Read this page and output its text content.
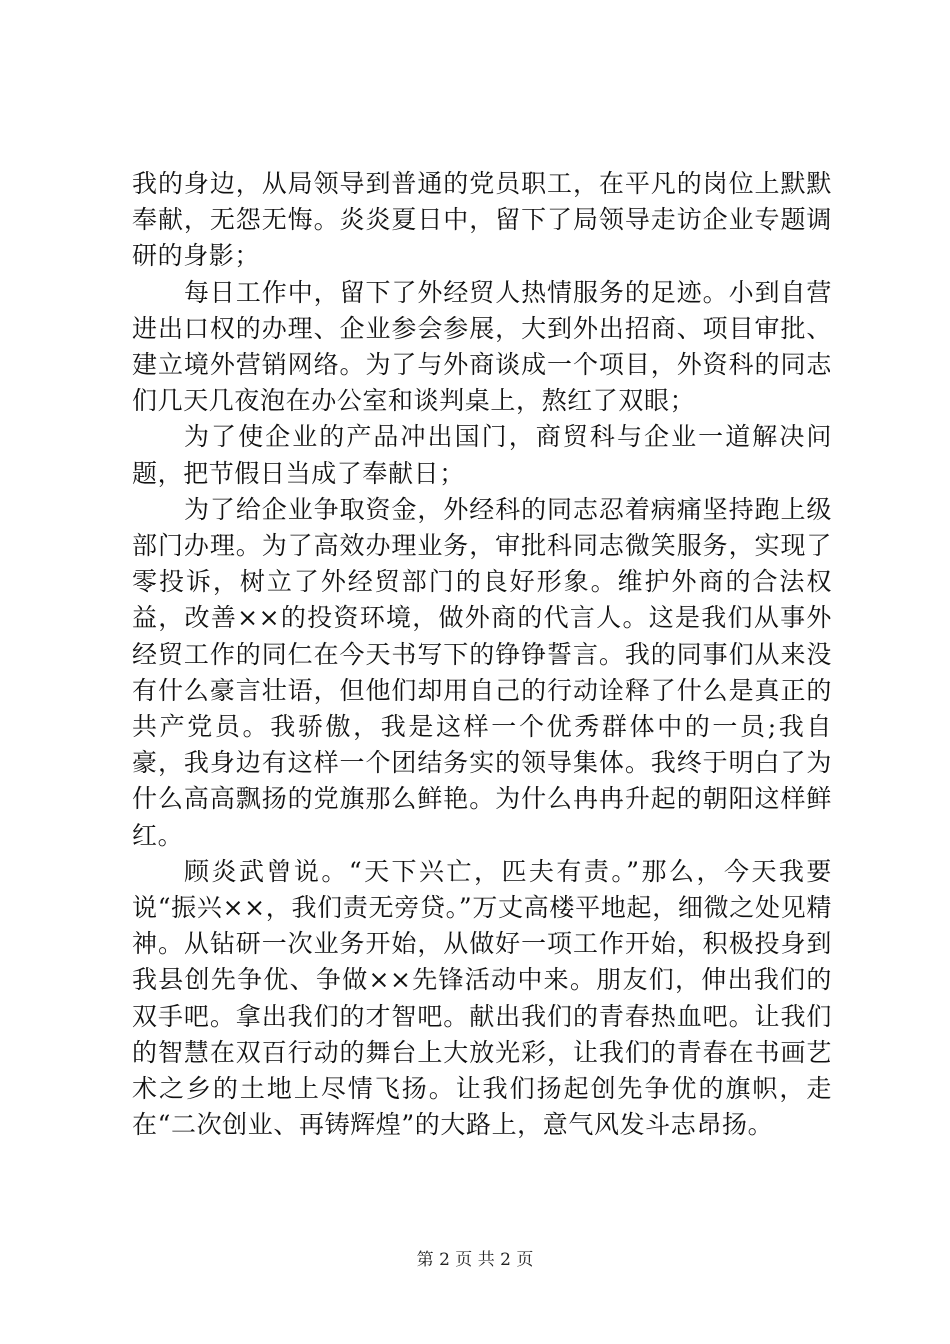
我的身边，从局领导到普通的党员职工，在平凡的岗位上默默奉献，无怨无悔。炎炎夏日中，留下了局领导走访企业专题调研的身影；

每日工作中，留下了外经贸人热情服务的足迹。小到自营进出口权的办理、企业参会参展，大到外出招商、项目审批、建立境外营销网络。为了与外商谈成一个项目，外资科的同志们几天几夜泡在办公室和谈判桌上，熬红了双眼；

为了使企业的产品冲出国门，商贸科与企业一道解决问题，把节假日当成了奉献日；

为了给企业争取资金，外经科的同志忍着病痛坚持跑上级部门办理。为了高效办理业务，审批科同志微笑服务，实现了零投诉，树立了外经贸部门的良好形象。维护外商的合法权益，改善××的投资环境，做外商的代言人。这是我们从事外经贸工作的同仁在今天书写下的铮铮誓言。我的同事们从来没有什么豪言壮语，但他们却用自己的行动诠释了什么是真正的共产党员。我骄傲，我是这样一个优秀群体中的一员;我自豪，我身边有这样一个团结务实的领导集体。我终于明白了为什么高高飘扬的党旗那么鲜艳。为什么冉冉升起的朝阳这样鲜红。

顾炎武曾说。“天下兴亡，匹夫有责。”那么，今天我要说“振兴××，我们责无旁贷。”万丈高楼平地起，细微之处见精神。从钻研一次业务开始，从做好一项工作开始，积极投身到我县创先争优、争做××先锋活动中来。朋友们，伸出我们的双手吧。拿出我们的才智吧。献出我们的青春热血吧。让我们的智慧在双百行动的舞台上大放光彩，让我们的青春在书画艺术之乡的土地上尽情飞扬。让我们扬起创先争优的旗帜，走在“二次创业、再铸辉煌”的大路上，意气风发斗志昂扬。

第 2 页 共 2 页
